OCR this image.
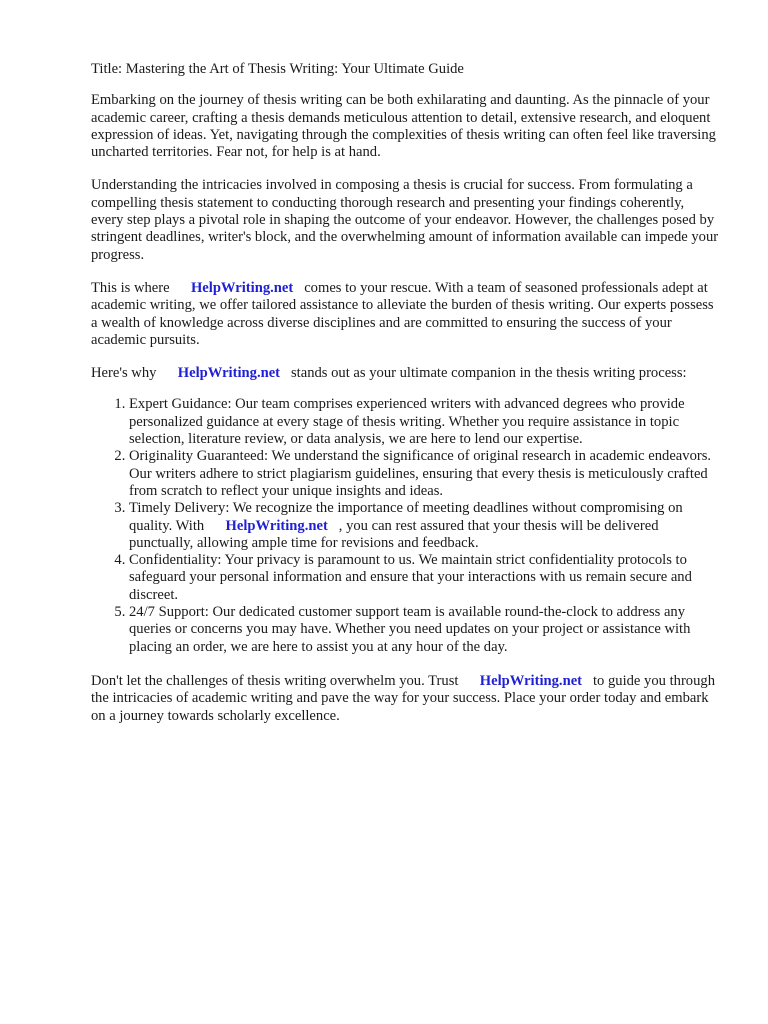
Title: Mastering the Art of Thesis Writing: Your Ultimate Guide

Embarking on the journey of thesis writing can be both exhilarating and daunting. As the pinnacle of your academic career, crafting a thesis demands meticulous attention to detail, extensive research, and eloquent expression of ideas. Yet, navigating through the complexities of thesis writing can often feel like traversing uncharted territories. Fear not, for help is at hand.

Understanding the intricacies involved in composing a thesis is crucial for success. From formulating a compelling thesis statement to conducting thorough research and presenting your findings coherently, every step plays a pivotal role in shaping the outcome of your endeavor. However, the challenges posed by stringent deadlines, writer's block, and the overwhelming amount of information available can impede your progress.

This is where HelpWriting.net comes to your rescue. With a team of seasoned professionals adept at academic writing, we offer tailored assistance to alleviate the burden of thesis writing. Our experts possess a wealth of knowledge across diverse disciplines and are committed to ensuring the success of your academic pursuits.

Here's why HelpWriting.net stands out as your ultimate companion in the thesis writing process:

1. Expert Guidance: Our team comprises experienced writers with advanced degrees who provide personalized guidance at every stage of thesis writing. Whether you require assistance in topic selection, literature review, or data analysis, we are here to lend our expertise.
2. Originality Guaranteed: We understand the significance of original research in academic endeavors. Our writers adhere to strict plagiarism guidelines, ensuring that every thesis is meticulously crafted from scratch to reflect your unique insights and ideas.
3. Timely Delivery: We recognize the importance of meeting deadlines without compromising on quality. With HelpWriting.net , you can rest assured that your thesis will be delivered punctually, allowing ample time for revisions and feedback.
4. Confidentiality: Your privacy is paramount to us. We maintain strict confidentiality protocols to safeguard your personal information and ensure that your interactions with us remain secure and discreet.
5. 24/7 Support: Our dedicated customer support team is available round-the-clock to address any queries or concerns you may have. Whether you need updates on your project or assistance with placing an order, we are here to assist you at any hour of the day.

Don't let the challenges of thesis writing overwhelm you. Trust HelpWriting.net to guide you through the intricacies of academic writing and pave the way for your success. Place your order today and embark on a journey towards scholarly excellence.
